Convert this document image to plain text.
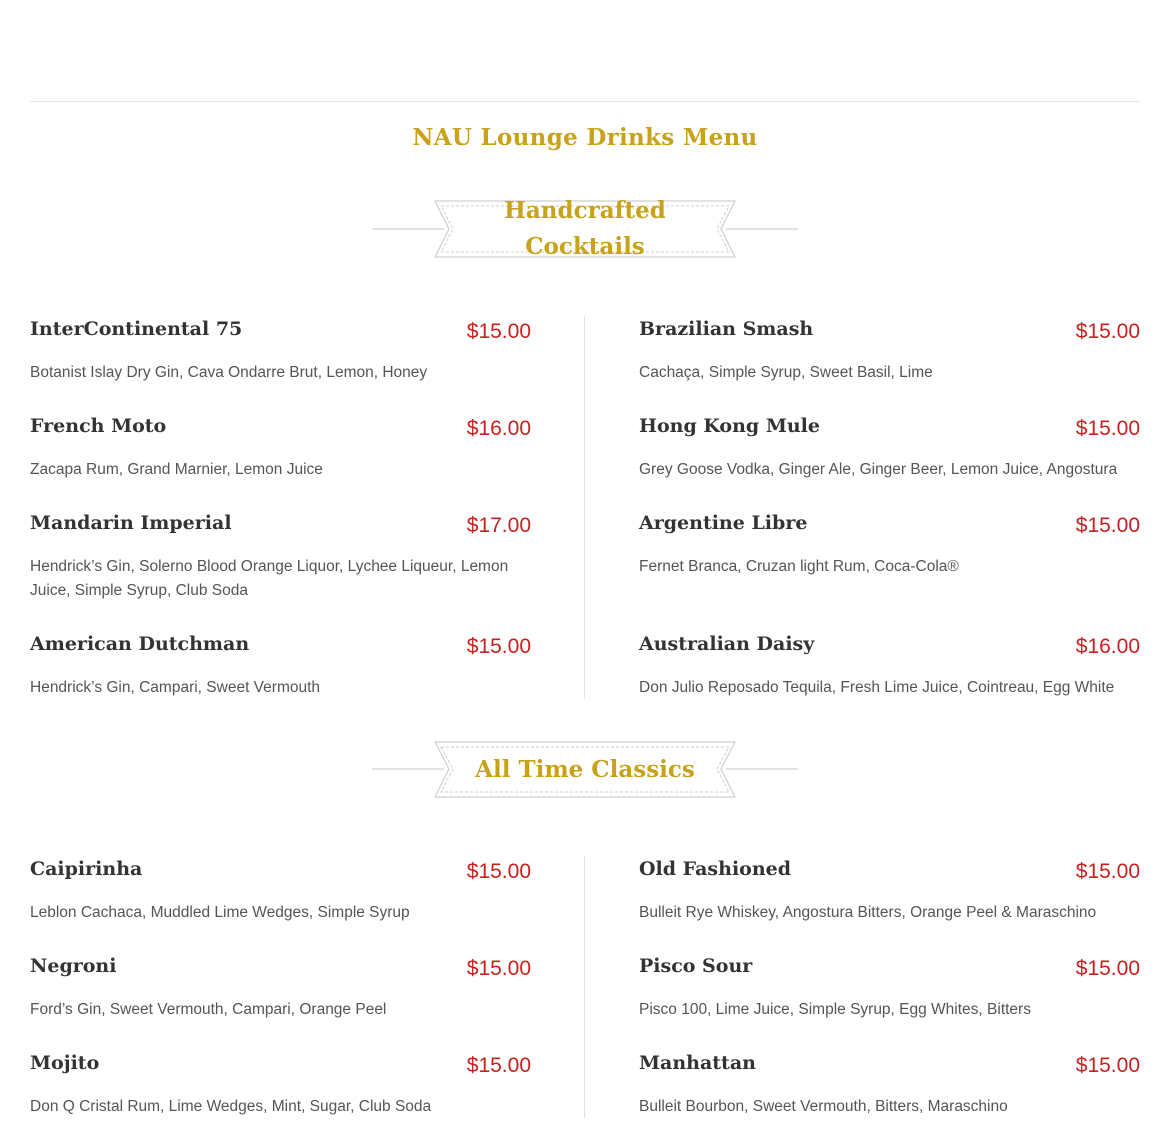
NAU Lounge Drinks Menu
Handcrafted Cocktails
InterContinental 75	$15.00
Botanist Islay Dry Gin, Cava Ondarre Brut, Lemon, Honey
Brazilian Smash	$15.00
Cachaça, Simple Syrup, Sweet Basil, Lime
French Moto	$16.00
Zacapa Rum, Grand Marnier, Lemon Juice
Hong Kong Mule	$15.00
Grey Goose Vodka, Ginger Ale, Ginger Beer, Lemon Juice, Angostura
Mandarin Imperial	$17.00
Hendrick’s Gin, Solerno Blood Orange Liquor, Lychee Liqueur, Lemon Juice, Simple Syrup, Club Soda
Argentine Libre	$15.00
Fernet Branca, Cruzan light Rum, Coca-Cola®
American Dutchman	$15.00
Hendrick’s Gin, Campari, Sweet Vermouth
Australian Daisy	$16.00
Don Julio Reposado Tequila, Fresh Lime Juice, Cointreau, Egg White
All Time Classics
Caipirinha	$15.00
Leblon Cachaca, Muddled Lime Wedges, Simple Syrup
Old Fashioned	$15.00
Bulleit Rye Whiskey, Angostura Bitters, Orange Peel & Maraschino
Negroni	$15.00
Ford’s Gin, Sweet Vermouth, Campari, Orange Peel
Pisco Sour	$15.00
Pisco 100, Lime Juice, Simple Syrup, Egg Whites, Bitters
Mojito	$15.00
Don Q Cristal Rum, Lime Wedges, Mint, Sugar, Club Soda
Manhattan	$15.00
Bulleit Bourbon, Sweet Vermouth, Bitters, Maraschino
